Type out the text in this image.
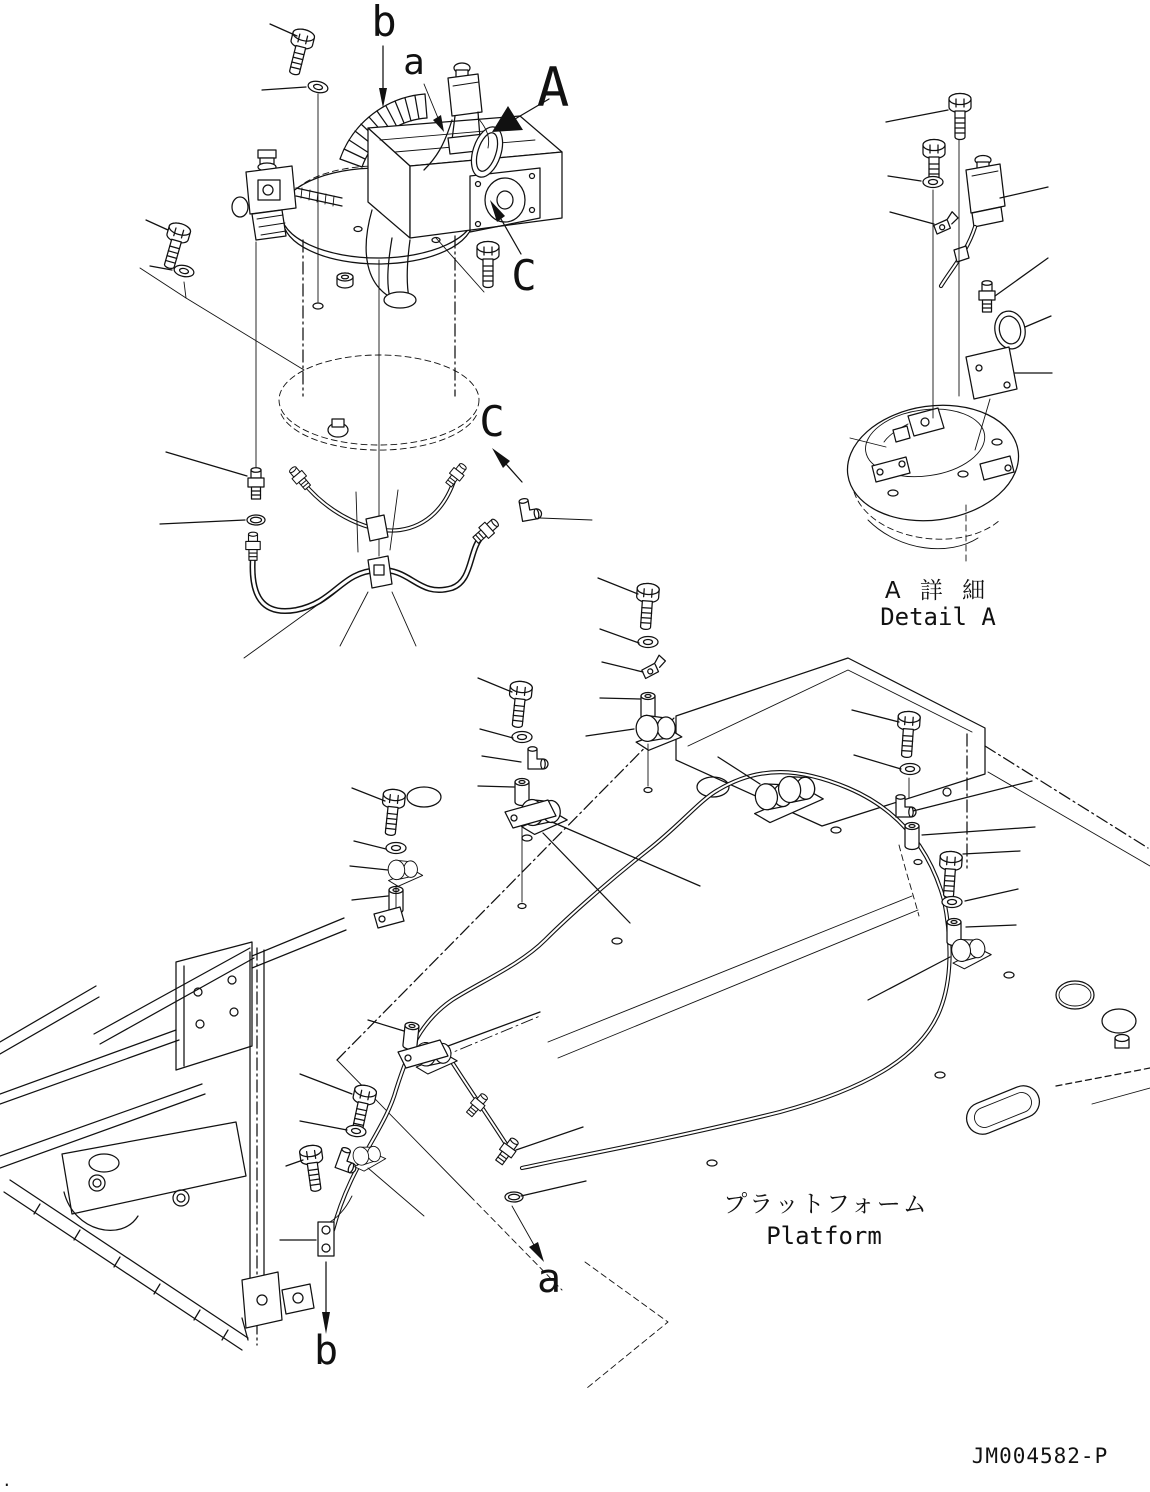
b
a A
C
C
A 詳 細
Detail A
プラットフォーム
Platform
a
b
JM004582-P
.
